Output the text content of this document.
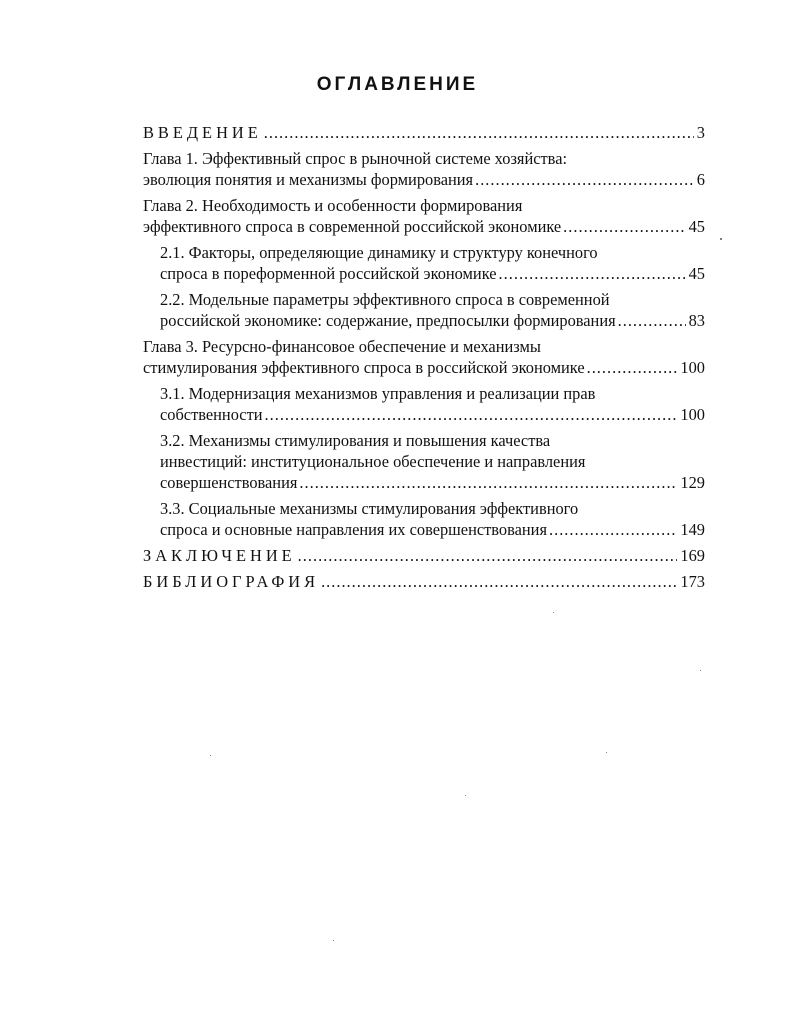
ОГЛАВЛЕНИЕ
ВВЕДЕНИЕ .....	3
Глава 1. Эффективный спрос в рыночной системе хозяйства:
эволюция понятия и механизмы формирования .....	6
Глава 2. Необходимость и особенности формирования
эффективного спроса в современной российской экономике .....	45
2.1. Факторы, определяющие динамику и структуру конечного
спроса в пореформенной российской экономике .....	45
2.2. Модельные параметры эффективного спроса в современной
российской экономике: содержание, предпосылки формирования .....	83
Глава 3. Ресурсно-финансовое обеспечение и механизмы
стимулирования эффективного спроса в российской экономике .....	100
3.1. Модернизация механизмов управления и реализации прав
собственности .....	100
3.2. Механизмы стимулирования и повышения качества
инвестиций: институциональное обеспечение и направления
совершенствования .....	129
3.3. Социальные механизмы стимулирования эффективного
спроса и основные направления их совершенствования .....	149
ЗАКЛЮЧЕНИЕ .....	169
БИБЛИОГРАФИЯ .....	173
